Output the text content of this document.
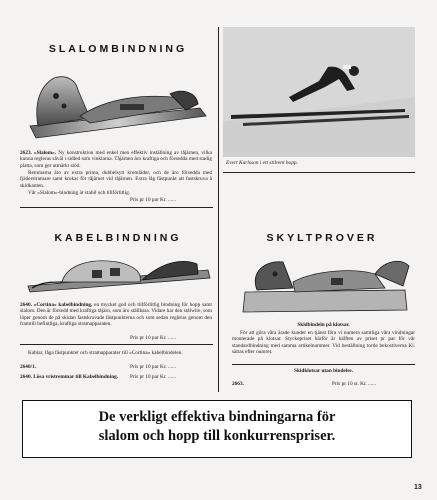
SLALOMBINDNING
2623. »Slalom». Ny konstruktion med enkel men effektiv inställning av tåjärnen, vilka kunna regleras såväl i sidled som vinklarna. Tåjärnen äro kraftiga och försedda med stadig platta, som ger utmärkt stöd.
Remmarna äro av extra prima, dubbelsytt kromläder, och de äro försedda med fjäderstramare samt krokar för tåjärnet vid tåjärnen. Extra låg fästpunkt att fastskruva å skidkanten.
Vår »Slalom»-bindning är stabil och tillförlitlig.
Pris pr 10 par Kr. ......
Evert Karlsson i ett stilrent hopp.
KABELBINDNING
2640. »Cortina» kabelbindning, en mycket god och tillförlitlig bindning för hopp samt slalom. Den är försedd med kraftiga tåjärn, som äro ställbara. Vidare har den stålwire, som löper genom de på skidan fastskruvade fästpunkterna och som sedan regleras genom den framtill befintliga, kraftiga stramapparaten.
Pris pr 10 par Kr. ......
Kablar, låga fästpunkter och stramapparater till »Cortina» kabelbindelen.
2640/1.	Pris pr 10 par Kr. ......
2640. Lösa vristremmar till Kabelbindning. Pris pr 10 par Kr. ......
SKYLTPROVER
Skidbindeln på klotsar.
För att göra våra ärade kunder en tjänst föra vi numera samtliga våra vindningar monterade på klotsar. Styckepriset härför är hälften av priset pr par för vår standardbindning med samma artikelnummer. Vid beställning torde bekostiverna Kl. sättas efter numret.
Skidklotsar utan bindelse.
2663.	Pris pr 10 st. Kr. ......
De verkligt effektiva bindningarna för
slalom och hopp till konkurrenspriser.
13
